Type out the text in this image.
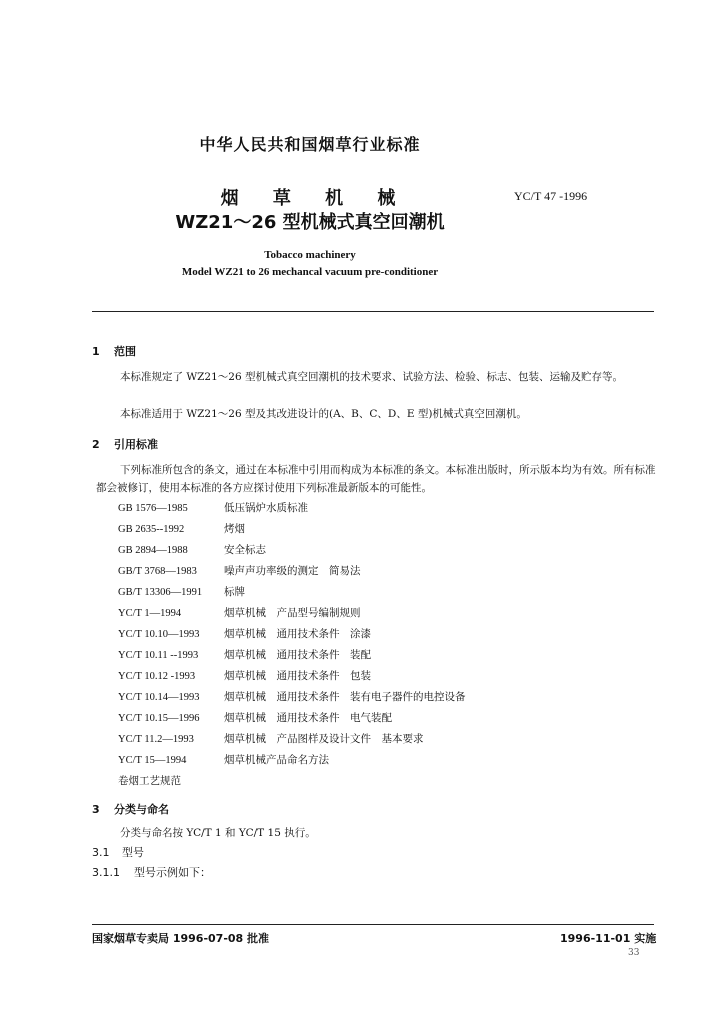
中华人民共和国烟草行业标准
烟 草 机 械	YC/T 47 -1996
WZ21～26 型机械式真空回潮机
Tobacco machinery
Model WZ21 to 26 mechancal vacuum pre-conditioner
1 范围
本标准规定了 WZ21～26 型机械式真空回潮机的技术要求、试验方法、检验、标志、包装、运输及贮存等。
本标准适用于 WZ21～26 型及其改进设计的(A、B、C、D、E 型)机械式真空回潮机。
2 引用标准
下列标准所包含的条文，通过在本标准中引用而构成为本标准的条文。本标准出版时，所示版本均为有效。所有标准都会被修订，使用本标准的各方应探讨使用下列标准最新版本的可能性。
GB 1576—1985	低压锅炉水质标准
GB 2635--1992	烤烟
GB 2894—1988	安全标志
GB/T 3768—1983	噪声声功率级的测定　简易法
GB/T 13306—1991 标牌
YC/T 1—1994	烟草机械　产品型号编制规则
YC/T 10.10—1993 烟草机械　通用技术条件　涂漆
YC/T 10.11 --1993 烟草机械　通用技术条件　装配
YC/T 10.12 -1993	烟草机械　通用技术条件　包装
YC/T 10.14—1993 烟草机械　通用技术条件　装有电子器件的电控设备
YC/T 10.15—1996 烟草机械　通用技术条件　电气装配
YC/T 11.2—1993	烟草机械　产品图样及设计文件　基本要求
YC/T 15—1994	烟草机械产品命名方法
卷烟工艺规范
3 分类与命名
分类与命名按 YC/T 1 和 YC/T 15 执行。
3.1 型号
3.1.1 型号示例如下：
国家烟草专卖局 1996-07-08 批准	1996-11-01 实施
33
